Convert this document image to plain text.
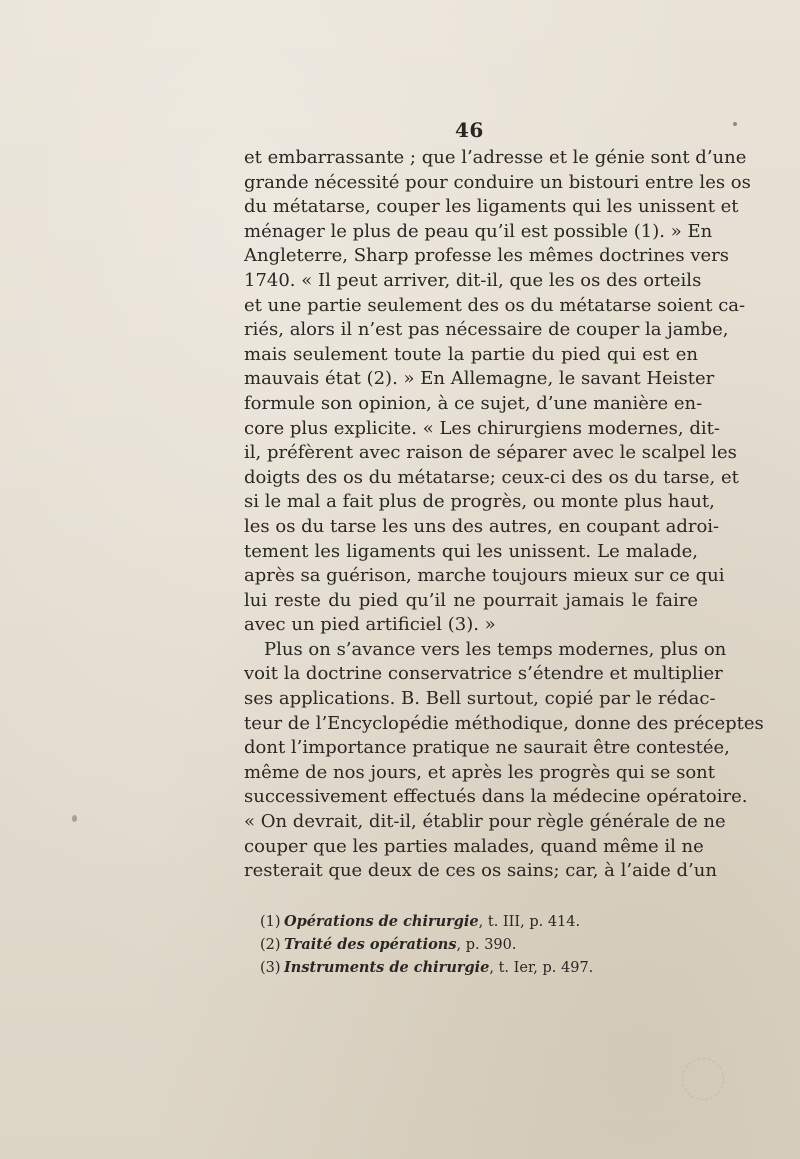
46
et embarrassante ; que l’adresse et le génie sont d’une
grande nécessité pour conduire un bistouri entre les os
du métatarse, couper les ligaments qui les unissent et
ménager le plus de peau qu’il est possible (1). » En
Angleterre, Sharp professe les mêmes doctrines vers
1740. « Il peut arriver, dit-il, que les os des orteils
et une partie seulement des os du métatarse soient ca-
riés, alors il n’est pas nécessaire de couper la jambe,
mais seulement toute la partie du pied qui est en
mauvais état (2). » En Allemagne, le savant Heister
formule son opinion, à ce sujet, d’une manière en-
core plus explicite. « Les chirurgiens modernes, dit-
il, préfèrent avec raison de séparer avec le scalpel les
doigts des os du métatarse; ceux-ci des os du tarse, et
si le mal a fait plus de progrès, ou monte plus haut,
les os du tarse les uns des autres, en coupant adroi-
tement les ligaments qui les unissent. Le malade,
après sa guérison, marche toujours mieux sur ce qui
lui reste du pied qu’il ne pourrait jamais le faire
avec un pied artificiel (3). »
Plus on s’avance vers les temps modernes, plus on
voit la doctrine conservatrice s’étendre et multiplier
ses applications. B. Bell surtout, copié par le rédac-
teur de l’Encyclopédie méthodique, donne des préceptes
dont l’importance pratique ne saurait être contestée,
même de nos jours, et après les progrès qui se sont
successivement effectués dans la médecine opératoire.
« On devrait, dit-il, établir pour règle générale de ne
couper que les parties malades, quand même il ne
resterait que deux de ces os sains; car, à l’aide d’un
(1) Opérations de chirurgie, t. III, p. 414.
(2) Traité des opérations, p. 390.
(3) Instruments de chirurgie, t. Ier, p. 497.
